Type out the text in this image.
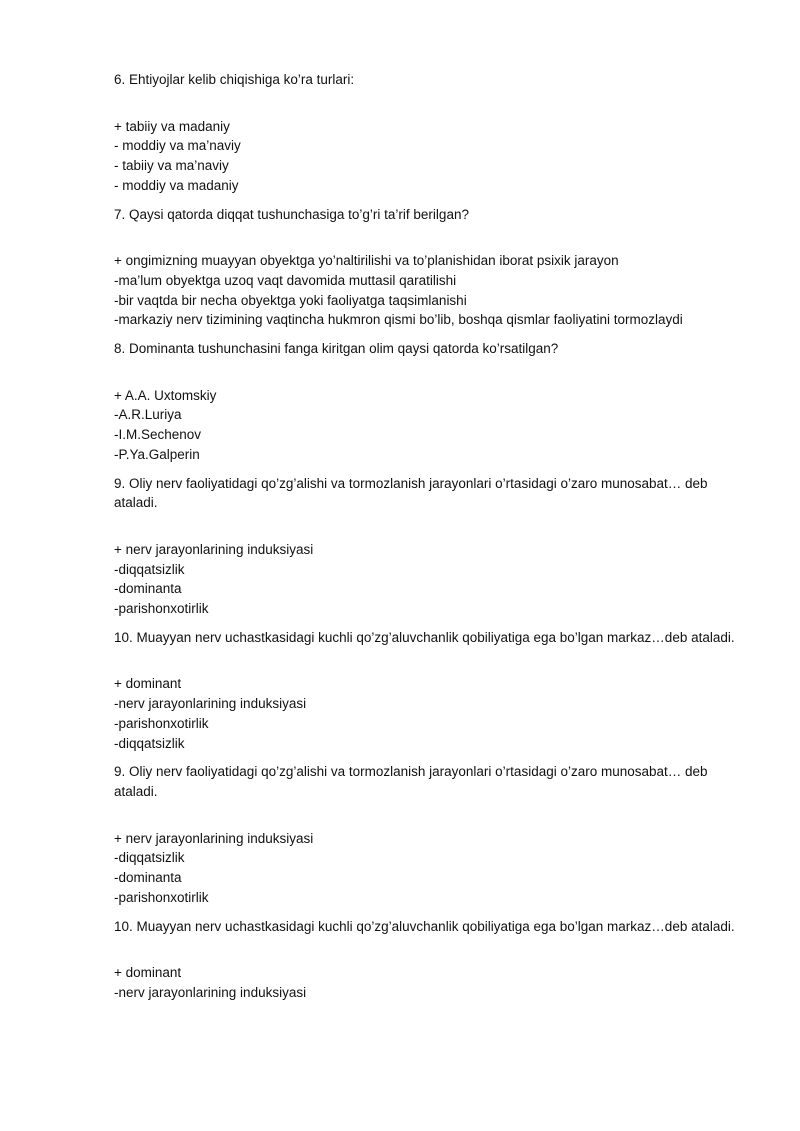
6. Ehtiyojlar kelib chiqishiga ko’ra turlari:

+ tabiiy va madaniy
- moddiy va ma’naviy
- tabiiy va ma’naviy
- moddiy va madaniy

7. Qaysi qatorda diqqat tushunchasiga to’g’ri ta’rif berilgan?

+ ongimizning muayyan obyektga yo’naltirilishi va to’planishidan iborat psixik jarayon
-ma’lum obyektga uzoq vaqt davomida muttasil qaratilishi
-bir vaqtda bir necha obyektga yoki faoliyatga taqsimlanishi
-markaziy nerv tizimining vaqtincha hukmron qismi bo’lib, boshqa qismlar faoliyatini tormozlaydi

8. Dominanta tushunchasini fanga kiritgan olim qaysi qatorda ko’rsatilgan?

+ A.A. Uxtomskiy
-A.R.Luriya
-I.M.Sechenov
-P.Ya.Galperin

9. Oliy nerv faoliyatidagi qo’zg’alishi va tormozlanish jarayonlari o’rtasidagi o’zaro munosabat… deb ataladi.

+ nerv jarayonlarining induksiyasi
-diqqatsizlik
-dominanta
-parishonxotirlik

10. Muayyan nerv uchastkasidagi kuchli qo’zg’aluvchanlik qobiliyatiga ega bo’lgan markaz…deb ataladi.

+ dominant
-nerv jarayonlarining induksiyasi
-parishonxotirlik
-diqqatsizlik

9. Oliy nerv faoliyatidagi qo’zg’alishi va tormozlanish jarayonlari o’rtasidagi o’zaro munosabat… deb ataladi.

+ nerv jarayonlarining induksiyasi
-diqqatsizlik
-dominanta
-parishonxotirlik

10. Muayyan nerv uchastkasidagi kuchli qo’zg’aluvchanlik qobiliyatiga ega bo’lgan markaz…deb ataladi.

+ dominant
-nerv jarayonlarining induksiyasi
